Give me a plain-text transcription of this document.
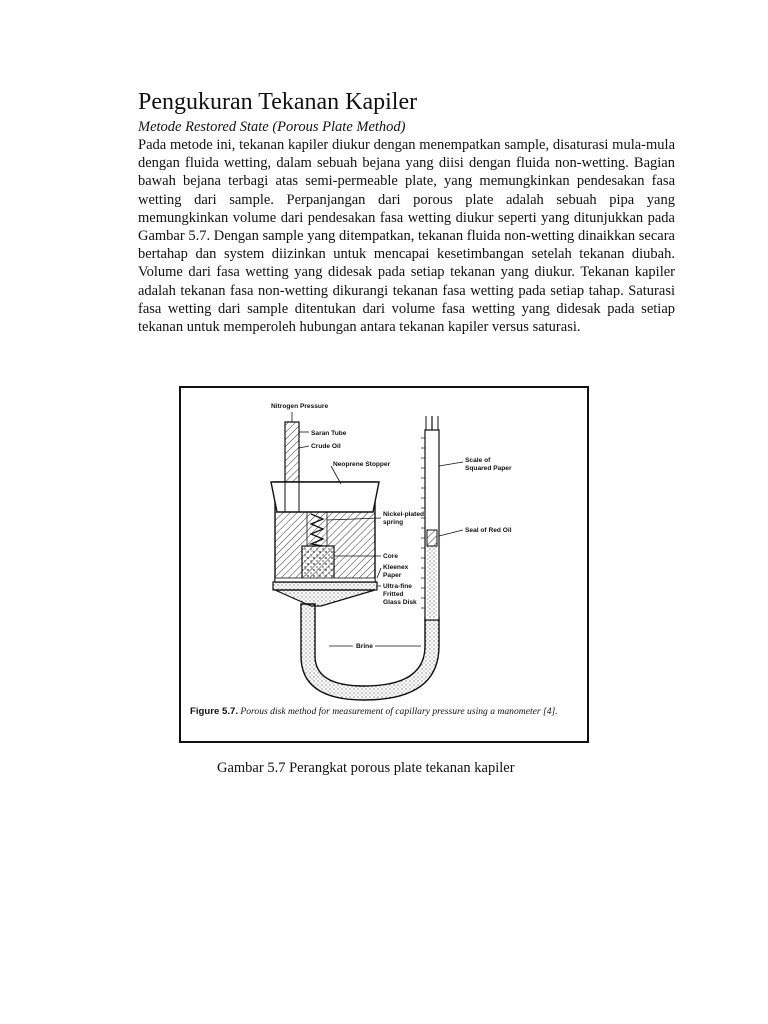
Pengukuran Tekanan Kapiler
Metode Restored State (Porous Plate Method)

Pada metode ini, tekanan kapiler diukur dengan menempatkan sample, disaturasi mula-mula dengan fluida wetting, dalam sebuah bejana yang diisi dengan fluida non-wetting. Bagian bawah bejana terbagi atas semi-permeable plate, yang memungkinkan pendesakan fasa wetting dari sample. Perpanjangan dari porous plate adalah sebuah pipa yang memungkinkan volume dari pendesakan fasa wetting diukur seperti yang ditunjukkan pada Gambar 5.7. Dengan sample yang ditempatkan, tekanan fluida non-wetting dinaikkan secara bertahap dan system diizinkan untuk mencapai kesetimbangan setelah tekanan diubah. Volume dari fasa wetting yang didesak pada setiap tekanan yang diukur. Tekanan kapiler adalah tekanan fasa non-wetting dikurangi tekanan fasa wetting pada setiap tahap. Saturasi fasa wetting dari sample ditentukan dari volume fasa wetting yang didesak pada setiap tekanan untuk memperoleh hubungan antara tekanan kapiler versus saturasi.

Nitrogen Pressure
Saran Tube
Crude Oil
Neoprene Stopper
Nickel-plated
spring
Core
Kleenex
Paper
Ultra-fine
Fritted
Glass Disk
Brine
Scale of
Squared Paper
Seal of Red Oil
Figure 5.7. Porous disk method for measurement of capillary pressure using a manometer [4].
Gambar 5.7 Perangkat porous plate tekanan kapiler
